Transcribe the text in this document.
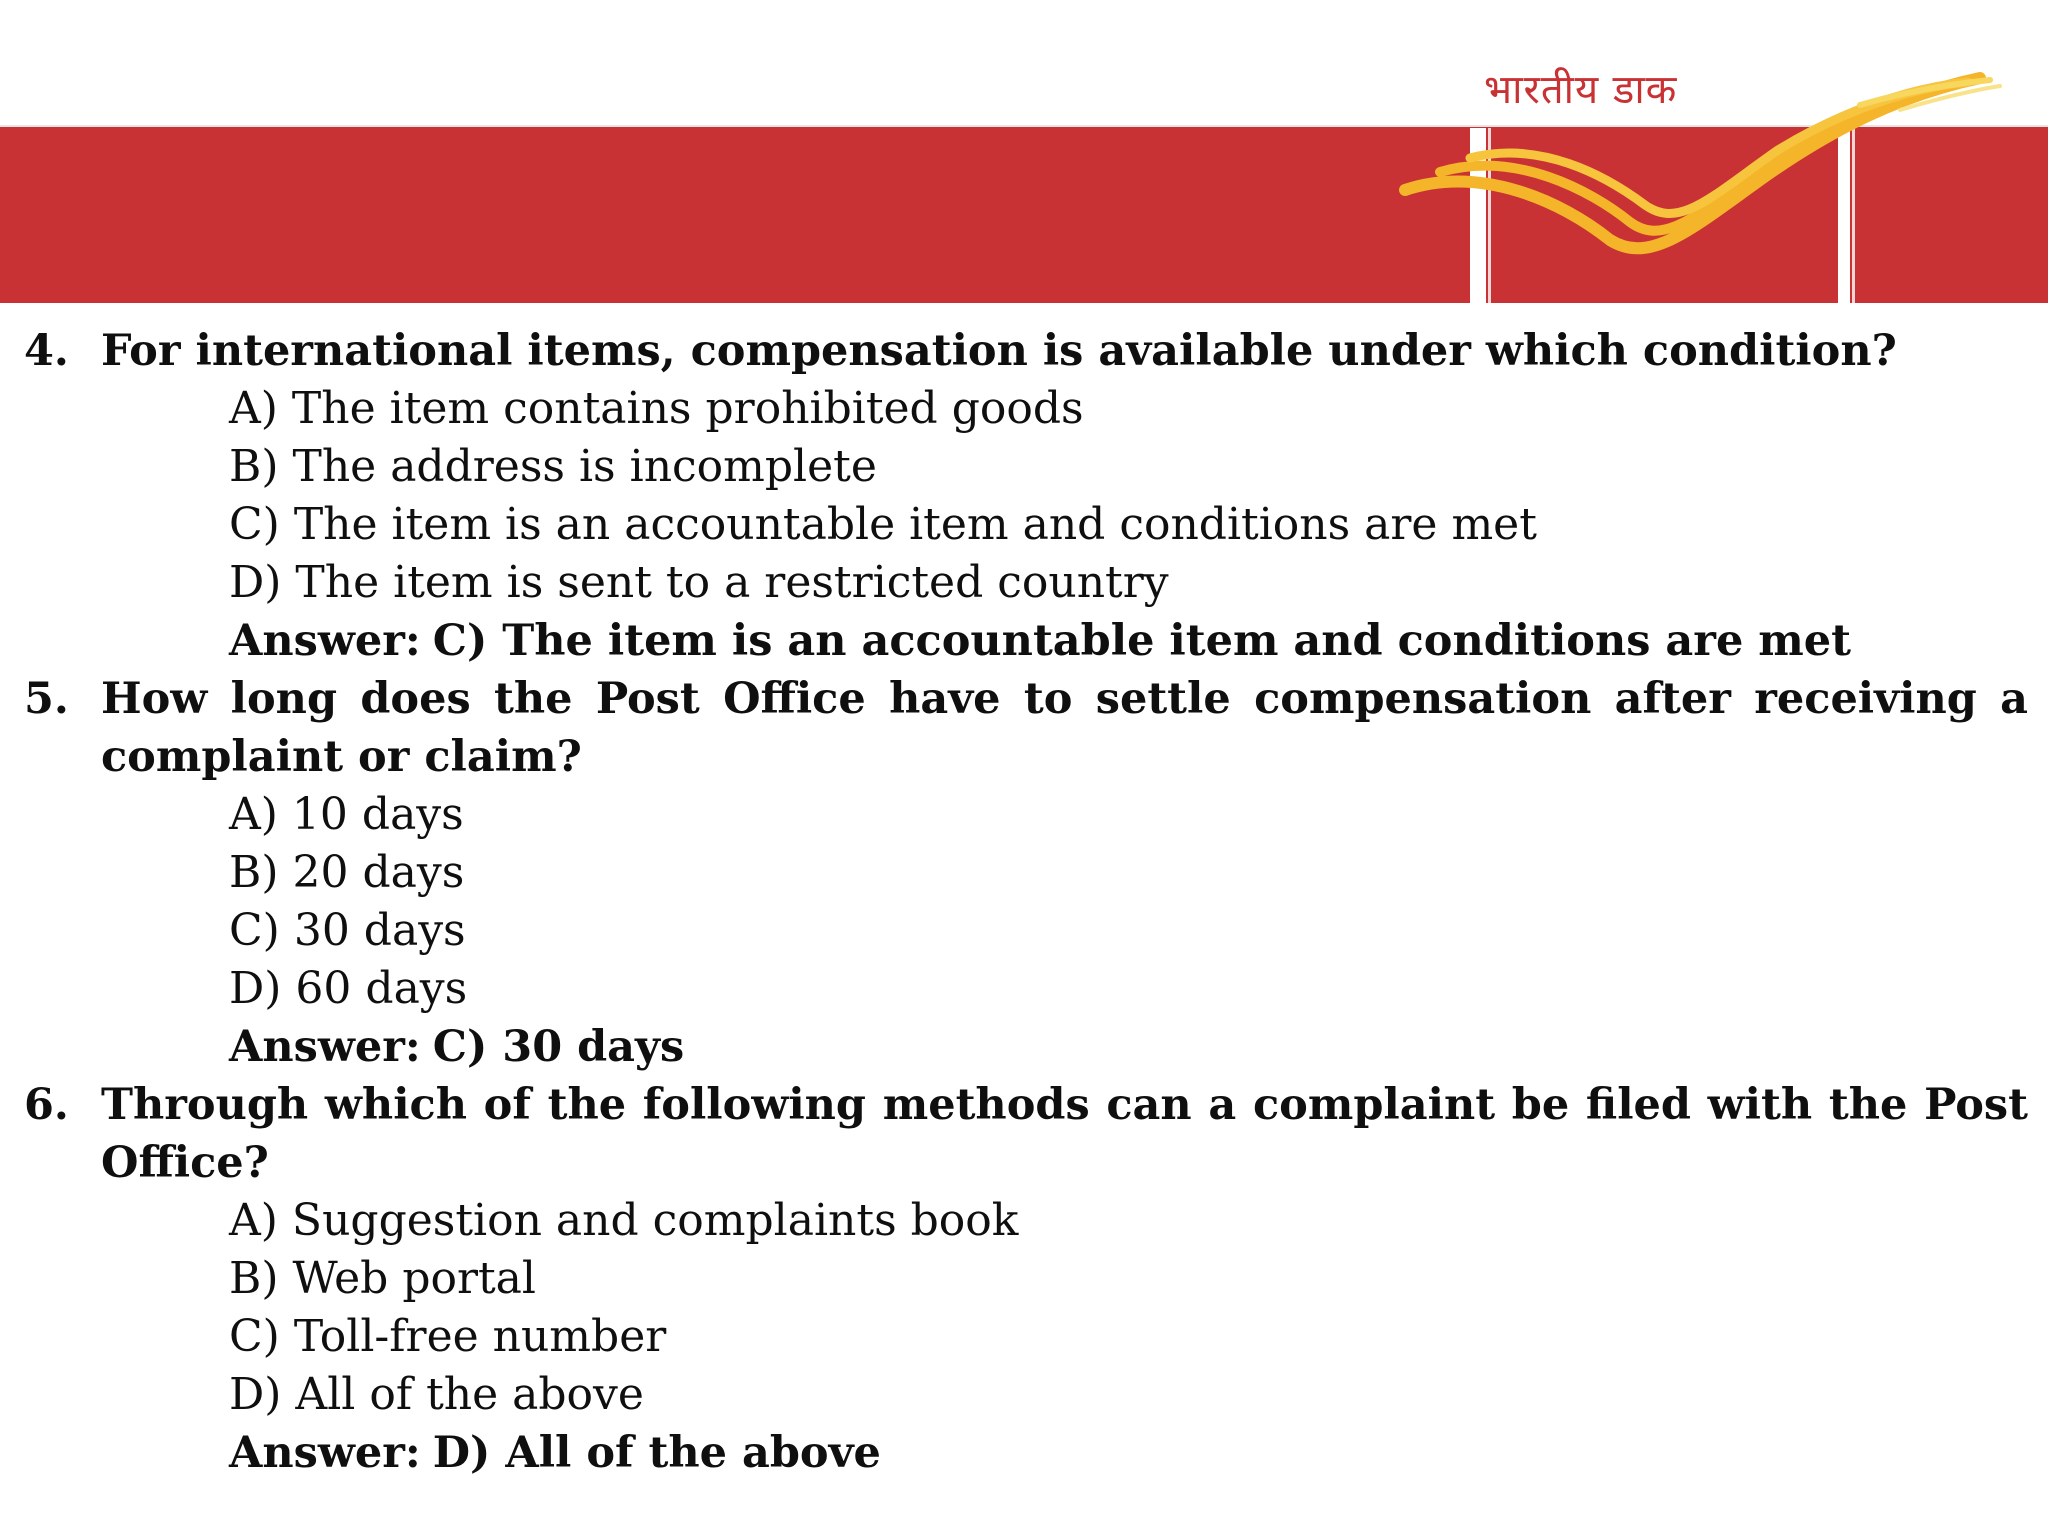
भारतीय डाक
4. For international items, compensation is available under which condition?
A) The item contains prohibited goods
B) The address is incomplete
C) The item is an accountable item and conditions are met
D) The item is sent to a restricted country
Answer: C) The item is an accountable item and conditions are met
5. How long does the Post Office have to settle compensation after receiving a complaint or claim?
A) 10 days
B) 20 days
C) 30 days
D) 60 days
Answer: C) 30 days
6. Through which of the following methods can a complaint be filed with the Post Office?
A) Suggestion and complaints book
B) Web portal
C) Toll-free number
D) All of the above
Answer: D) All of the above
